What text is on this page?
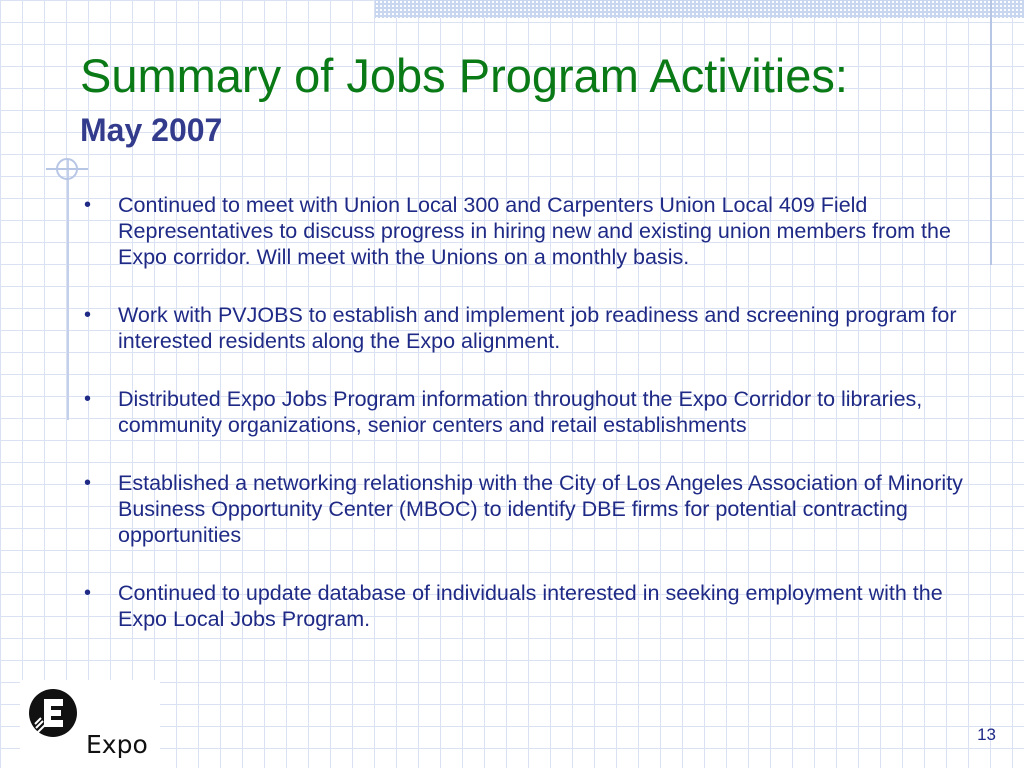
Summary of Jobs Program Activities:
May 2007
• Continued to meet with Union Local 300 and Carpenters Union Local 409 Field Representatives to discuss progress in hiring new and existing union members from the Expo corridor. Will meet with the Unions on a monthly basis.
• Work with PVJOBS to establish and implement job readiness and screening program for interested residents along the Expo alignment.
• Distributed Expo Jobs Program information throughout the Expo Corridor to libraries, community organizations, senior centers and retail establishments
• Established a networking relationship with the City of Los Angeles Association of Minority Business Opportunity Center (MBOC) to identify DBE firms for potential contracting opportunities
• Continued to update database of individuals interested in seeking employment with the Expo Local Jobs Program.
Expo	13
